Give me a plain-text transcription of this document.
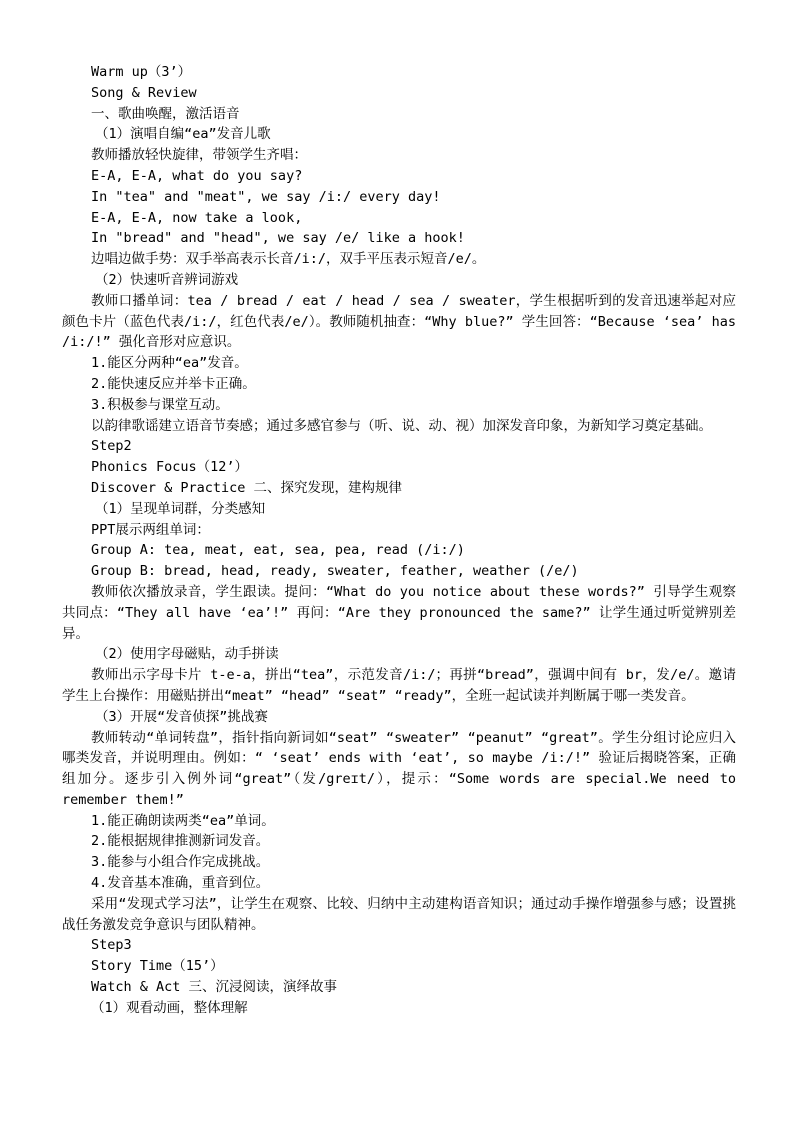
Warm up（3’）
Song & Review
一、歌曲唤醒，激活语音
（1）演唱自编“ea”发音儿歌
教师播放轻快旋律，带领学生齐唱：
E-A, E-A, what do you say?
In "tea" and "meat", we say /i:/ every day!
E-A, E-A, now take a look,
In "bread" and "head", we say /e/ like a hook!
边唱边做手势：双手举高表示长音/i:/，双手平压表示短音/e/。
（2）快速听音辨词游戏
教师口播单词：tea / bread / eat / head / sea / sweater，学生根据听到的发音迅速举起对应颜色卡片（蓝色代表/i:/，红色代表/e/）。教师随机抽查：“Why blue?” 学生回答：“Because ‘sea’ has /i:/!” 强化音形对应意识。
1.能区分两种“ea”发音。
2.能快速反应并举卡正确。
3.积极参与课堂互动。
以韵律歌谣建立语音节奏感；通过多感官参与（听、说、动、视）加深发音印象，为新知学习奠定基础。
Step2
Phonics Focus（12’）
Discover & Practice 二、探究发现，建构规律
（1）呈现单词群，分类感知
PPT展示两组单词：
Group A: tea, meat, eat, sea, pea, read (/i:/)
Group B: bread, head, ready, sweater, feather, weather (/e/)
教师依次播放录音，学生跟读。提问：“What do you notice about these words?” 引导学生观察共同点：“They all have ‘ea’!” 再问：“Are they pronounced the same?” 让学生通过听觉辨别差异。
（2）使用字母磁贴，动手拼读
教师出示字母卡片 t-e-a，拼出“tea”，示范发音/i:/；再拼“bread”，强调中间有 br，发/e/。邀请学生上台操作：用磁贴拼出“meat” “head” “seat” “ready”，全班一起试读并判断属于哪一类发音。
（3）开展“发音侦探”挑战赛
教师转动“单词转盘”，指针指向新词如“seat” “sweater” “peanut” “great”。学生分组讨论应归入哪类发音，并说明理由。例如：“ ‘seat’ ends with ‘eat’, so maybe /i:/!” 验证后揭晓答案，正确组加分。逐步引入例外词“great”（发/greɪt/），提示：“Some words are special.We need to remember them!”
1.能正确朗读两类“ea”单词。
2.能根据规律推测新词发音。
3.能参与小组合作完成挑战。
4.发音基本准确，重音到位。
采用“发现式学习法”，让学生在观察、比较、归纳中主动建构语音知识；通过动手操作增强参与感；设置挑战任务激发竞争意识与团队精神。
Step3
Story Time（15’）
Watch & Act 三、沉浸阅读，演绎故事
（1）观看动画，整体理解
